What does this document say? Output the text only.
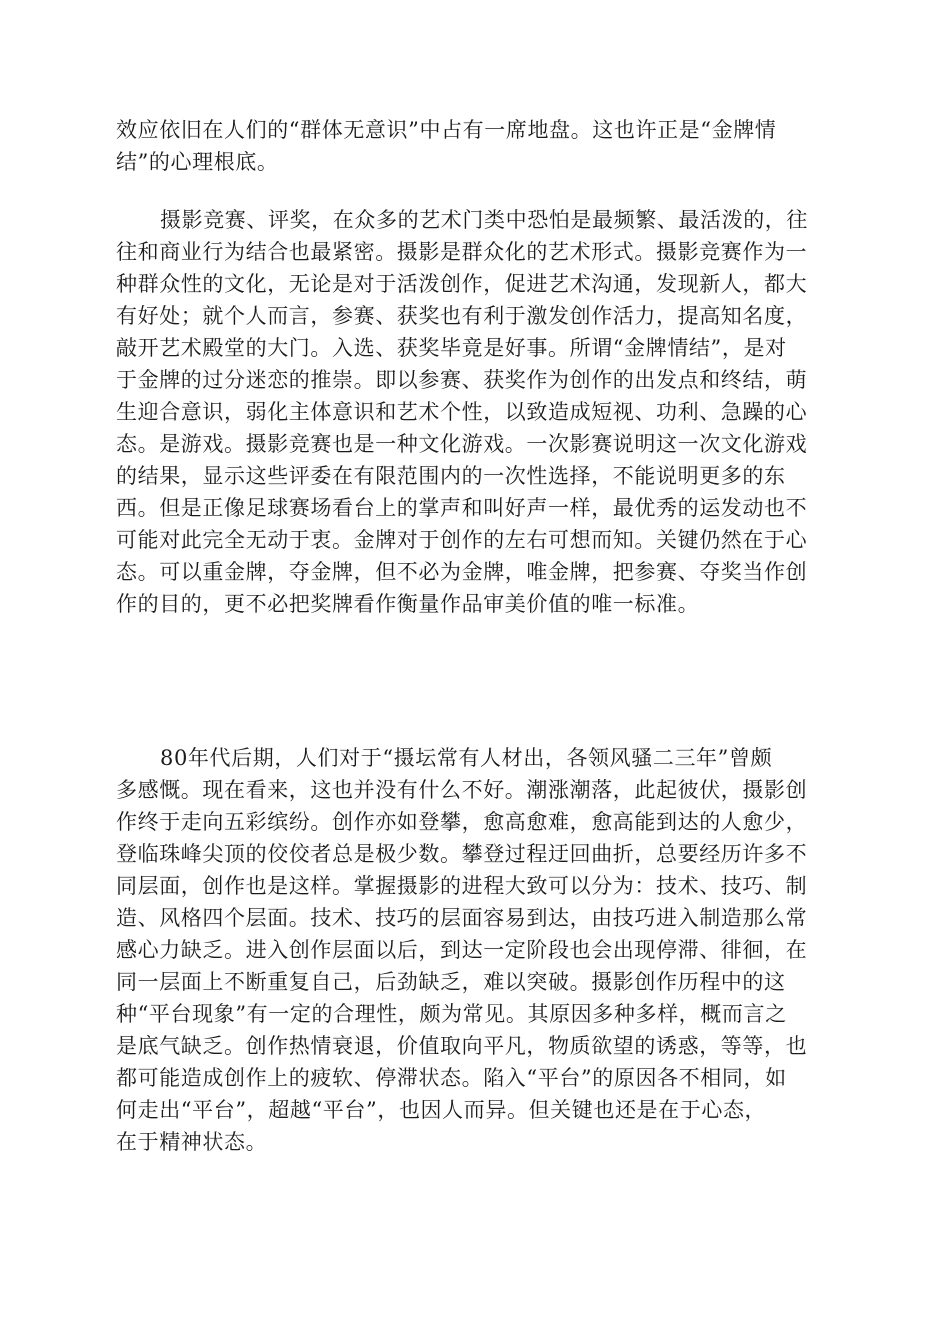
效应依旧在人们的“群体无意识”中占有一席地盘。这也许正是“金牌情
结”的心理根底。
摄影竞赛、评奖，在众多的艺术门类中恐怕是最频繁、最活泼的，往
往和商业行为结合也最紧密。摄影是群众化的艺术形式。摄影竞赛作为一
种群众性的文化，无论是对于活泼创作，促进艺术沟通，发现新人，都大
有好处；就个人而言，参赛、获奖也有利于激发创作活力，提高知名度，
敲开艺术殿堂的大门。入选、获奖毕竟是好事。所谓“金牌情结”，是对
于金牌的过分迷恋的推崇。即以参赛、获奖作为创作的出发点和终结，萌
生迎合意识，弱化主体意识和艺术个性，以致造成短视、功利、急躁的心
态。是游戏。摄影竞赛也是一种文化游戏。一次影赛说明这一次文化游戏
的结果，显示这些评委在有限范围内的一次性选择，不能说明更多的东
西。但是正像足球赛场看台上的掌声和叫好声一样，最优秀的运发动也不
可能对此完全无动于衷。金牌对于创作的左右可想而知。关键仍然在于心
态。可以重金牌，夺金牌，但不必为金牌，唯金牌，把参赛、夺奖当作创
作的目的，更不必把奖牌看作衡量作品审美价值的唯一标准。
80年代后期，人们对于“摄坛常有人材出，各领风骚二三年”曾颇
多感慨。现在看来，这也并没有什么不好。潮涨潮落，此起彼伏，摄影创
作终于走向五彩缤纷。创作亦如登攀，愈高愈难，愈高能到达的人愈少，
登临珠峰尖顶的佼佼者总是极少数。攀登过程迂回曲折，总要经历许多不
同层面，创作也是这样。掌握摄影的进程大致可以分为：技术、技巧、制
造、风格四个层面。技术、技巧的层面容易到达，由技巧进入制造那么常
感心力缺乏。进入创作层面以后，到达一定阶段也会出现停滞、徘徊，在
同一层面上不断重复自己，后劲缺乏，难以突破。摄影创作历程中的这
种“平台现象”有一定的合理性，颇为常见。其原因多种多样，概而言之
是底气缺乏。创作热情衰退，价值取向平凡，物质欲望的诱惑，等等，也
都可能造成创作上的疲软、停滞状态。陷入“平台”的原因各不相同，如
何走出“平台”，超越“平台”，也因人而异。但关键也还是在于心态，
在于精神状态。
